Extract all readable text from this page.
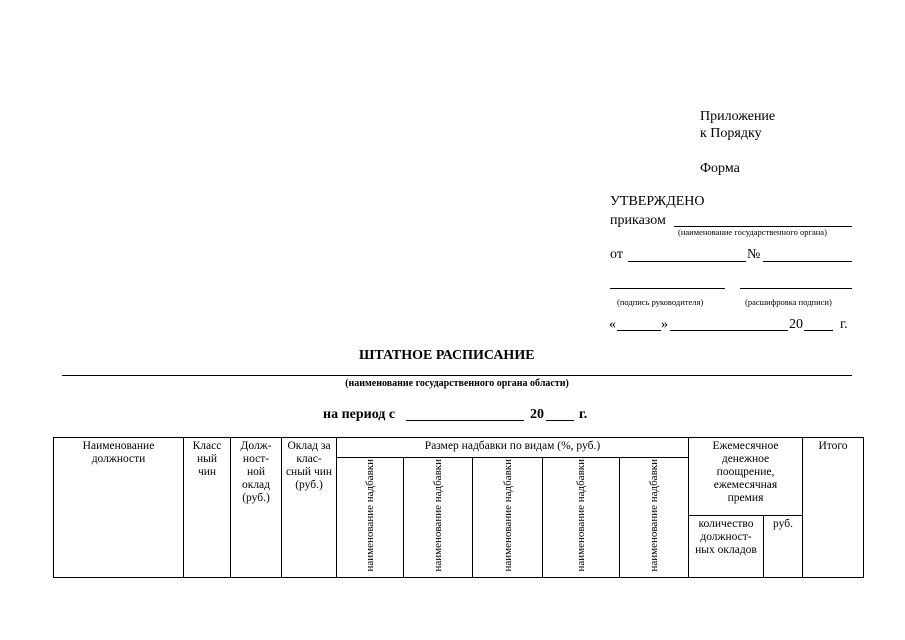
Приложение
к Порядку
Форма
УТВЕРЖДЕНО
приказом
(наименование государственного органа)
от	№
(подпись руководителя)	(расшифровка подписи)
«	»	20	г.
ШТАТНОЕ РАСПИСАНИЕ
(наименование государственного органа области)
на период с	20	г.
Наименование должности	Класс ный чин	Долж- ност- ной оклад (руб.)	Оклад за клас- сный чин (руб.)	Размер надбавки по видам (%, руб.)					Ежемесячное денежное поощрение, ежемесячная премия		Итого
				наименование надбавки	наименование надбавки	наименование надбавки	наименование надбавки	наименование надбавки			
									количество должност- ных окладов	руб.	
